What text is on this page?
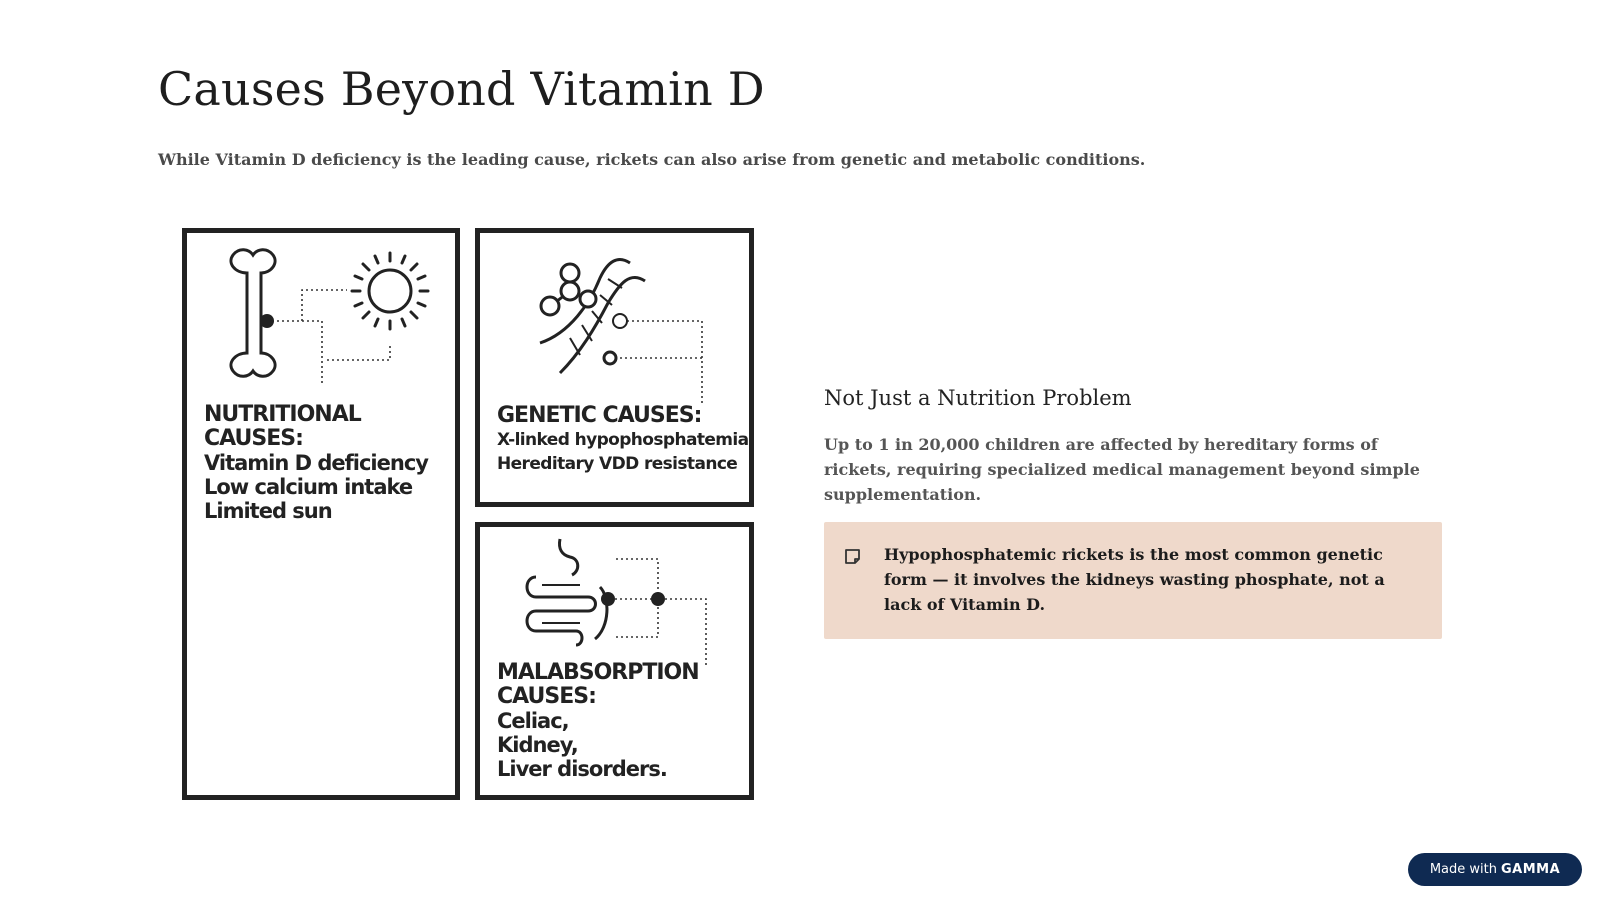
Causes Beyond Vitamin D

While Vitamin D deficiency is the leading cause, rickets can also arise from genetic and metabolic conditions.

NUTRITIONAL CAUSES:
Vitamin D deficiency
Low calcium intake
Limited sun
GENETIC CAUSES:
X-linked hypophosphatemia
Hereditary VDD resistance
MALABSORPTION
CAUSES:
Celiac,
Kidney,
Liver disorders.
Not Just a Nutrition Problem

Up to 1 in 20,000 children are affected by hereditary forms of rickets, requiring specialized medical management beyond simple supplementation.

Hypophosphatemic rickets is the most common genetic form — it involves the kidneys wasting phosphate, not a lack of Vitamin D.

Made with GAMMA
